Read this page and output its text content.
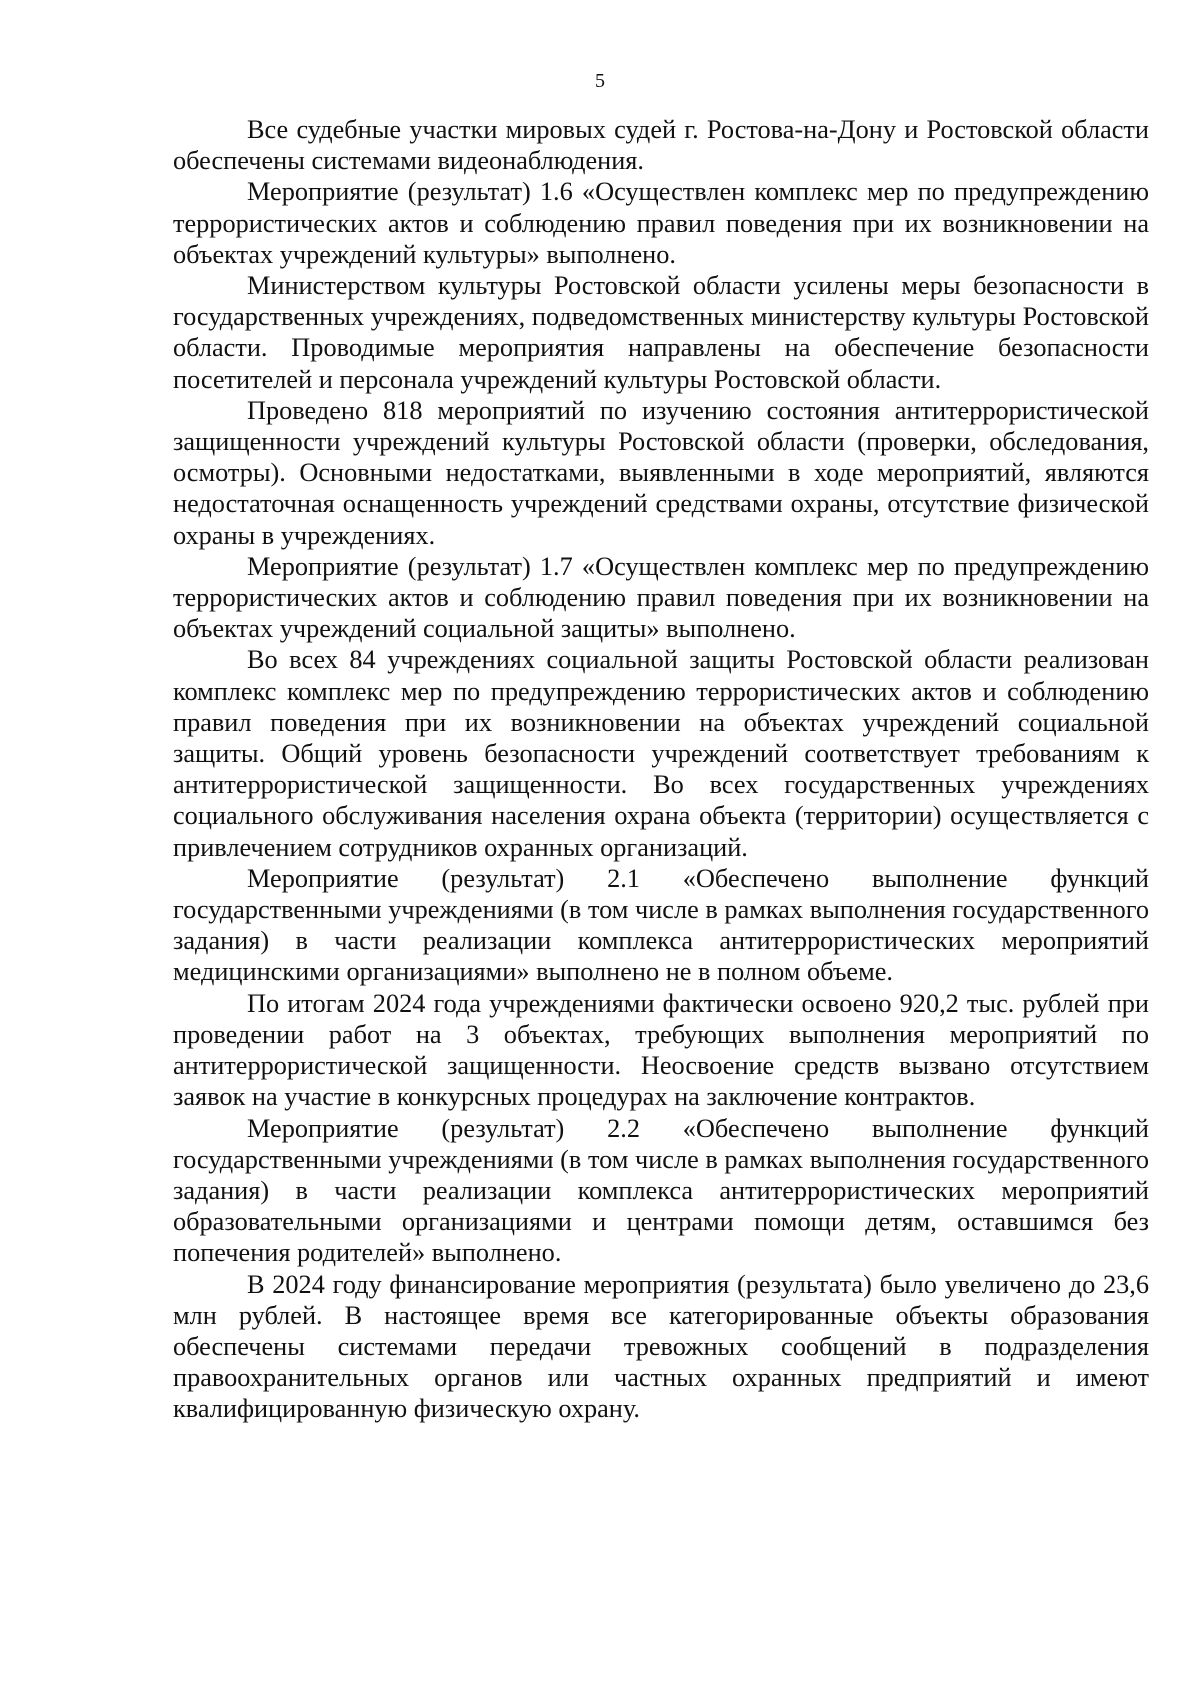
5

Все судебные участки мировых судей г. Ростова-на-Дону и Ростовской области обеспечены системами видеонаблюдения.

Мероприятие (результат) 1.6 «Осуществлен комплекс мер по предупреждению террористических актов и соблюдению правил поведения при их возникновении на объектах учреждений культуры» выполнено.

Министерством культуры Ростовской области усилены меры безопасности в государственных учреждениях, подведомственных министерству культуры Ростовской области. Проводимые мероприятия направлены на обеспечение безопасности посетителей и персонала учреждений культуры Ростовской области.

Проведено 818 мероприятий по изучению состояния антитеррористической защищенности учреждений культуры Ростовской области (проверки, обследования, осмотры). Основными недостатками, выявленными в ходе мероприятий, являются недостаточная оснащенность учреждений средствами охраны, отсутствие физической охраны в учреждениях.

Мероприятие (результат) 1.7 «Осуществлен комплекс мер по предупреждению террористических актов и соблюдению правил поведения при их возникновении на объектах учреждений социальной защиты» выполнено.

Во всех 84 учреждениях социальной защиты Ростовской области реализован комплекс комплекс мер по предупреждению террористических актов и соблюдению правил поведения при их возникновении на объектах учреждений социальной защиты. Общий уровень безопасности учреждений соответствует требованиям к антитеррористической защищенности. Во всех государственных учреждениях социального обслуживания населения охрана объекта (территории) осуществляется с привлечением сотрудников охранных организаций.

Мероприятие (результат) 2.1 «Обеспечено выполнение функций государственными учреждениями (в том числе в рамках выполнения государственного задания) в части реализации комплекса антитеррористических мероприятий медицинскими организациями» выполнено не в полном объеме.

По итогам 2024 года учреждениями фактически освоено 920,2 тыс. рублей при проведении работ на 3 объектах, требующих выполнения мероприятий по антитеррористической защищенности. Неосвоение средств вызвано отсутствием заявок на участие в конкурсных процедурах на заключение контрактов.

Мероприятие (результат) 2.2 «Обеспечено выполнение функций государственными учреждениями (в том числе в рамках выполнения государственного задания) в части реализации комплекса антитеррористических мероприятий образовательными организациями и центрами помощи детям, оставшимся без попечения родителей» выполнено.

В 2024 году финансирование мероприятия (результата) было увеличено до 23,6 млн рублей. В настоящее время все категорированные объекты образования обеспечены системами передачи тревожных сообщений в подразделения правоохранительных органов или частных охранных предприятий и имеют квалифицированную физическую охрану.
